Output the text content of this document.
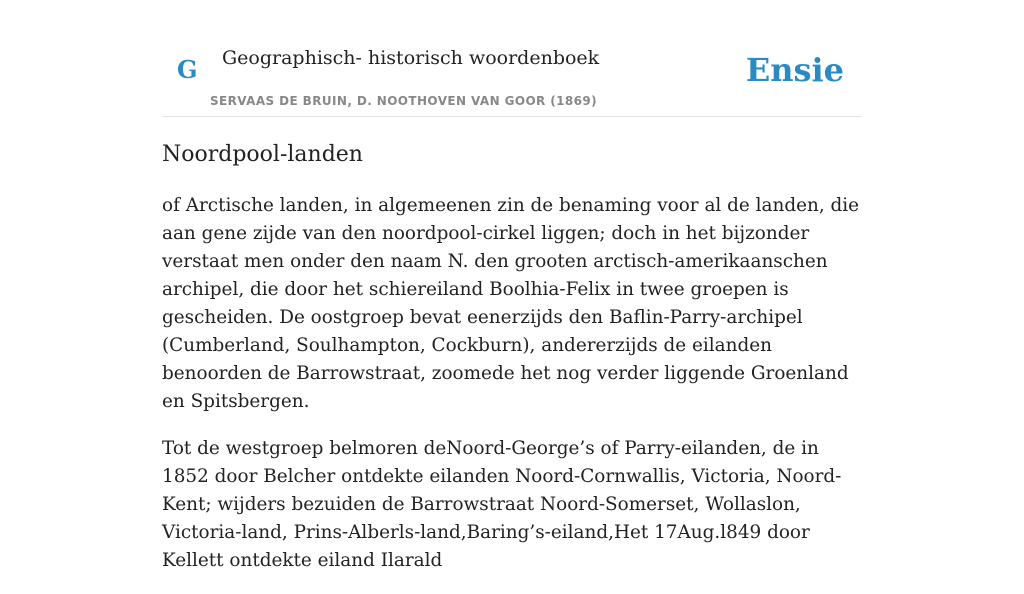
G Geographisch- historisch woordenboek
SERVAAS DE BRUIN, D. NOOTHOVEN VAN GOOR (1869)
Ensie
Noordpool-landen

of Arctische landen, in algemeenen zin de benaming voor al de landen, die aan gene zijde van den noordpool-cirkel liggen; doch in het bijzonder verstaat men onder den naam N. den grooten arctisch-amerikaanschen archipel, die door het schiereiland Boolhia-Felix in twee groepen is gescheiden. De oostgroep bevat eenerzijds den Baflin-Parry-archipel (Cumberland, Soulhampton, Cockburn), andererzijds de eilanden benoorden de Barrowstraat, zoomede het nog verder liggende Groenland en Spitsbergen.

Tot de westgroep belmoren deNoord-George’s of Parry-eilanden, de in 1852 door Belcher ontdekte eilanden Noord-Cornwallis, Victoria, Noord-Kent; wijders bezuiden de Barrowstraat Noord-Somerset, Wollaslon, Victoria-land, Prins-Alberls-land,Baring’s-eiland,Het 17Aug.l849 door Kellett ontdekte eiland Ilarald
